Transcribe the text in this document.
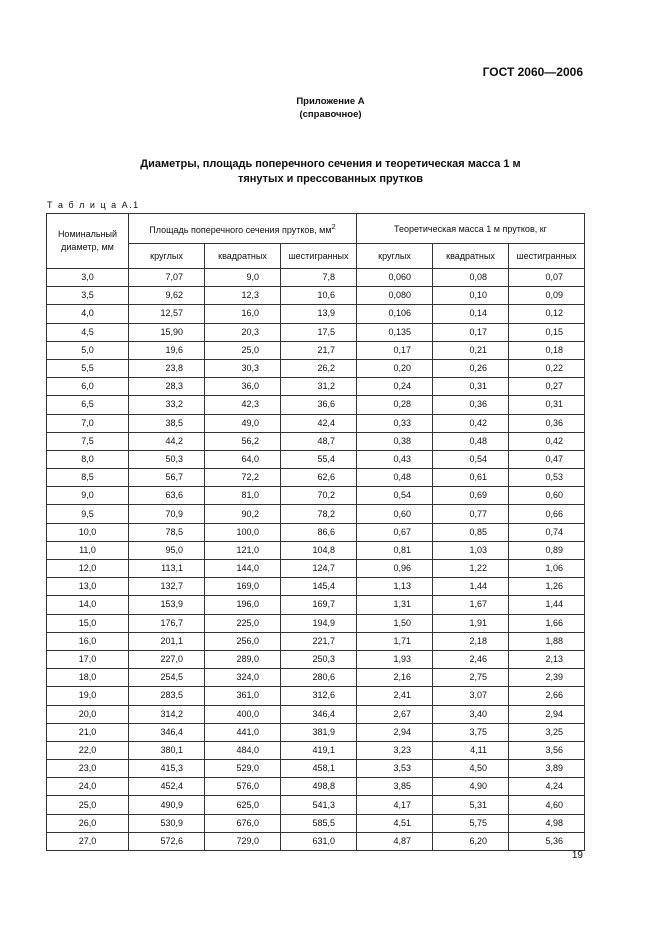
ГОСТ 2060—2006
Приложение А
(справочное)
Диаметры, площадь поперечного сечения и теоретическая масса 1 м
тянутых и прессованных прутков
Т а б л и ц а А.1
Номинальный диаметр, мм	Площадь поперечного сечения прутков, $мм^2$			Теоретическая масса 1 м прутков, кг		
	круглых	квадратных	шестигранных	круглых	квадратных	шестигранных
3,0	7,07	9,0	7,8	0,060	0,08	0,07
3,5	9,62	12,3	10,6	0,080	0,10	0,09
4,0	12,57	16,0	13,9	0,106	0,14	0,12
4,5	15,90	20,3	17,5	0,135	0,17	0,15
5,0	19,6	25,0	21,7	0,17	0,21	0,18
5,5	23,8	30,3	26,2	0,20	0,26	0,22
6,0	28,3	36,0	31,2	0,24	0,31	0,27
6,5	33,2	42,3	36,6	0,28	0,36	0,31
7,0	38,5	49,0	42,4	0,33	0,42	0,36
7,5	44,2	56,2	48,7	0,38	0,48	0,42
8,0	50,3	64,0	55,4	0,43	0,54	0,47
8,5	56,7	72,2	62,6	0,48	0,61	0,53
9,0	63,6	81,0	70,2	0,54	0,69	0,60
9,5	70,9	90,2	78,2	0,60	0,77	0,66
10,0	78,5	100,0	86,6	0,67	0,85	0,74
11,0	95,0	121,0	104,8	0,81	1,03	0,89
12,0	113,1	144,0	124,7	0,96	1,22	1,06
13,0	132,7	169,0	145,4	1,13	1,44	1,26
14,0	153,9	196,0	169,7	1,31	1,67	1,44
15,0	176,7	225,0	194,9	1,50	1,91	1,66
16,0	201,1	256,0	221,7	1,71	2,18	1,88
17,0	227,0	289,0	250,3	1,93	2,46	2,13
18,0	254,5	324,0	280,6	2,16	2,75	2,39
19,0	283,5	361,0	312,6	2,41	3,07	2,66
20,0	314,2	400,0	346,4	2,67	3,40	2,94
21,0	346,4	441,0	381,9	2,94	3,75	3,25
22,0	380,1	484,0	419,1	3,23	4,11	3,56
23,0	415,3	529,0	458,1	3,53	4,50	3,89
24,0	452,4	576,0	498,8	3,85	4,90	4,24
25,0	490,9	625,0	541,3	4,17	5,31	4,60
26,0	530,9	676,0	585,5	4,51	5,75	4,98
27,0	572,6	729,0	631,0	4,87	6,20	5,36
19
